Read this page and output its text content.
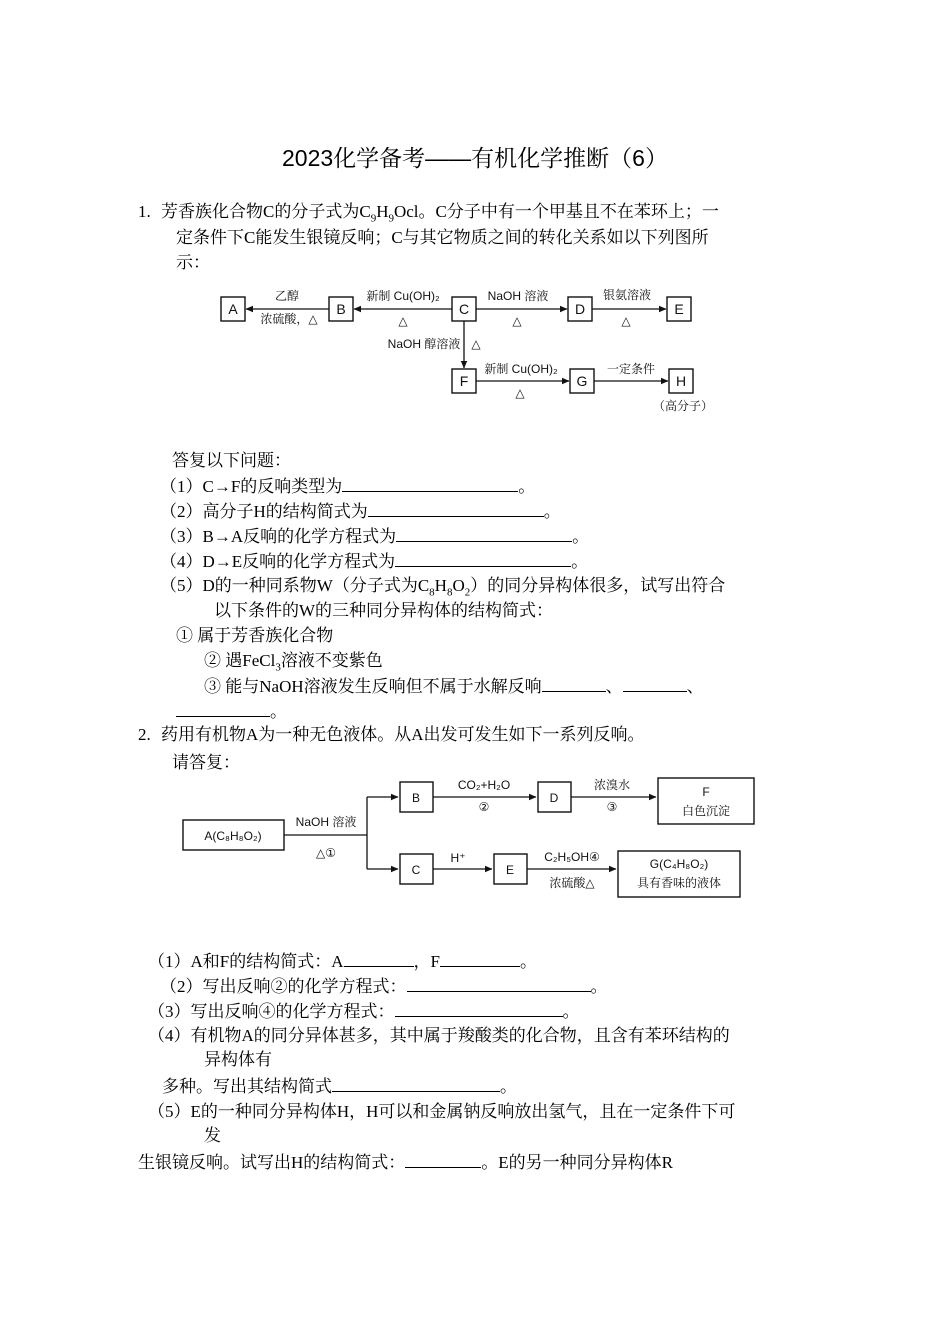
2023化学备考——有机化学推断（6）
1. 芳香族化合物C的分子式为$C_9H_9Ocl$。C分子中有一个甲基且不在苯环上；一
定条件下C能发生银镜反响；C与其它物质之间的转化关系如以下列图所
示：
A	B	C	D	E
F	G	H
新制 Cu(OH)₂
△
乙醇
浓硫酸，△
NaOH 溶液
△
银氨溶液
△
NaOH 醇溶液 △
新制 Cu(OH)₂
△
一定条件
（高分子）
答复以下问题：
（1）C→F的反响类型为	。
（2）高分子H的结构简式为	。
（3）B→A反响的化学方程式为	。
（4）D→E反响的化学方程式为	。
（5）D的一种同系物W（分子式为$C_8H_8O_2$）的同分异构体很多，试写出符合
以下条件的W的三种同分异构体的结构简式：
① 属于芳香族化合物
② 遇FeCl$_3$溶液不变紫色
③ 能与NaOH溶液发生反响但不属于水解反响	、	、
。
2. 药用有机物A为一种无色液体。从A出发可发生如下一系列反响。
请答复：
A(C₈H₈O₂)
NaOH 溶液
△①
B
CO₂+H₂O
②
D
浓溴水
③
F
白色沉淀
C
H⁺
E
C₂H₅OH④
浓硫酸△
G(C₄H₈O₂)
具有香味的液体
（1）A和F的结构简式：A	，F	。
（2）写出反响②的化学方程式：	。
（3）写出反响④的化学方程式：	。
（4）有机物A的同分异体甚多，其中属于羧酸类的化合物，且含有苯环结构的
异构体有
多种。写出其结构简式	。
（5）E的一种同分异构体H，H可以和金属钠反响放出氢气，且在一定条件下可
发
生银镜反响。试写出H的结构简式：	。E的另一种同分异构体R
